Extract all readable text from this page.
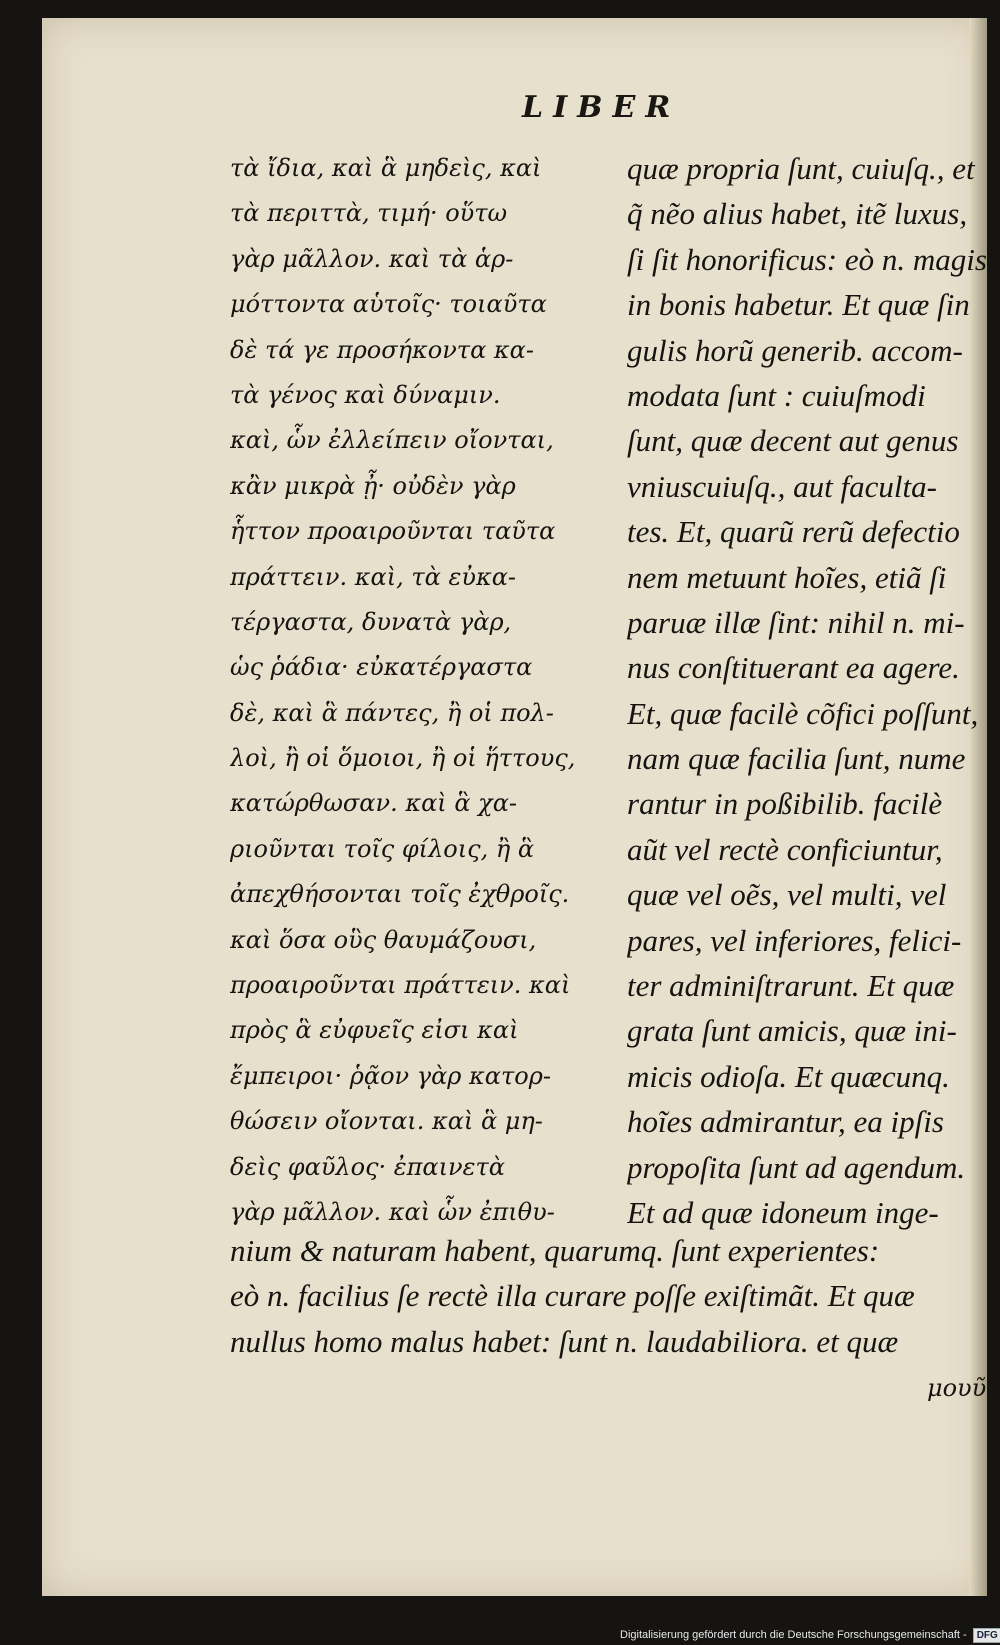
LIBER
τὰ ἴδια, καὶ ἃ μηδεὶς, καὶ
τὰ περιττὰ, τιμή· οὕτω
γὰρ μᾶλλον. καὶ τὰ ἁρ-
μόττοντα αὑτοῖς· τοιαῦτα
δὲ τά γε προσήκοντα κα-
τὰ γένος καὶ δύναμιν.
καὶ, ὧν ἐλλείπειν οἴονται,
κἂν μικρὰ ᾖ· οὐδὲν γὰρ
ἧττον προαιροῦνται ταῦτα
πράττειν. καὶ, τὰ εὐκα-
τέργαστα, δυνατὰ γὰρ,
ὡς ῥάδια· εὐκατέργαστα
δὲ, καὶ ἃ πάντες, ἢ οἱ πολ-
λοὶ, ἢ οἱ ὅμοιοι, ἢ οἱ ἥττους,
κατώρθωσαν. καὶ ἃ χα-
ριοῦνται τοῖς φίλοις, ἢ ἃ
ἀπεχθήσονται τοῖς ἐχθροῖς.
καὶ ὅσα οὓς θαυμάζουσι,
προαιροῦνται πράττειν. καὶ
πρὸς ἃ εὐφυεῖς εἰσι καὶ
ἔμπειροι· ῥᾷον γὰρ κατορ-
θώσειν οἴονται. καὶ ἃ μη-
δεὶς φαῦλος· ἐπαινετὰ
γὰρ μᾶλλον. καὶ ὧν ἐπιθυ-
quæ propria ſunt, cuiuſq., et
q̃ nẽo alius habet, itẽ luxus,
ſi ſit honorificus: eò n. magis
in bonis habetur. Et quæ ſin
gulis horũ generib. accom-
modata ſunt : cuiuſmodi
ſunt, quæ decent aut genus
vniuscuiuſq., aut faculta-
tes. Et, quarũ rerũ defectio
nem metuunt hoĩes, etiã ſi
paruæ illæ ſint: nihil n. mi-
nus conſtituerant ea agere.
Et, quæ facilè cõfici poſſunt,
nam quæ facilia ſunt, nume
rantur in poßibilib. facilè
aũt vel rectè conficiuntur,
quæ vel oẽs, vel multi, vel
pares, vel inferiores, felici-
ter adminiſtrarunt. Et quæ
grata ſunt amicis, quæ ini-
micis odioſa. Et quæcunq.
hoĩes admirantur, ea ipſis
propoſita ſunt ad agendum.
Et ad quæ idoneum inge-
nium & naturam habent, quarumq. ſunt experientes:
eò n. facilius ſe rectè illa curare poſſe exiſtimãt. Et quæ
nullus homo malus habet: ſunt n. laudabiliora. et quæ
μουῦ-
Digitalisierung gefördert durch die Deutsche Forschungsgemeinschaft -	DFG
